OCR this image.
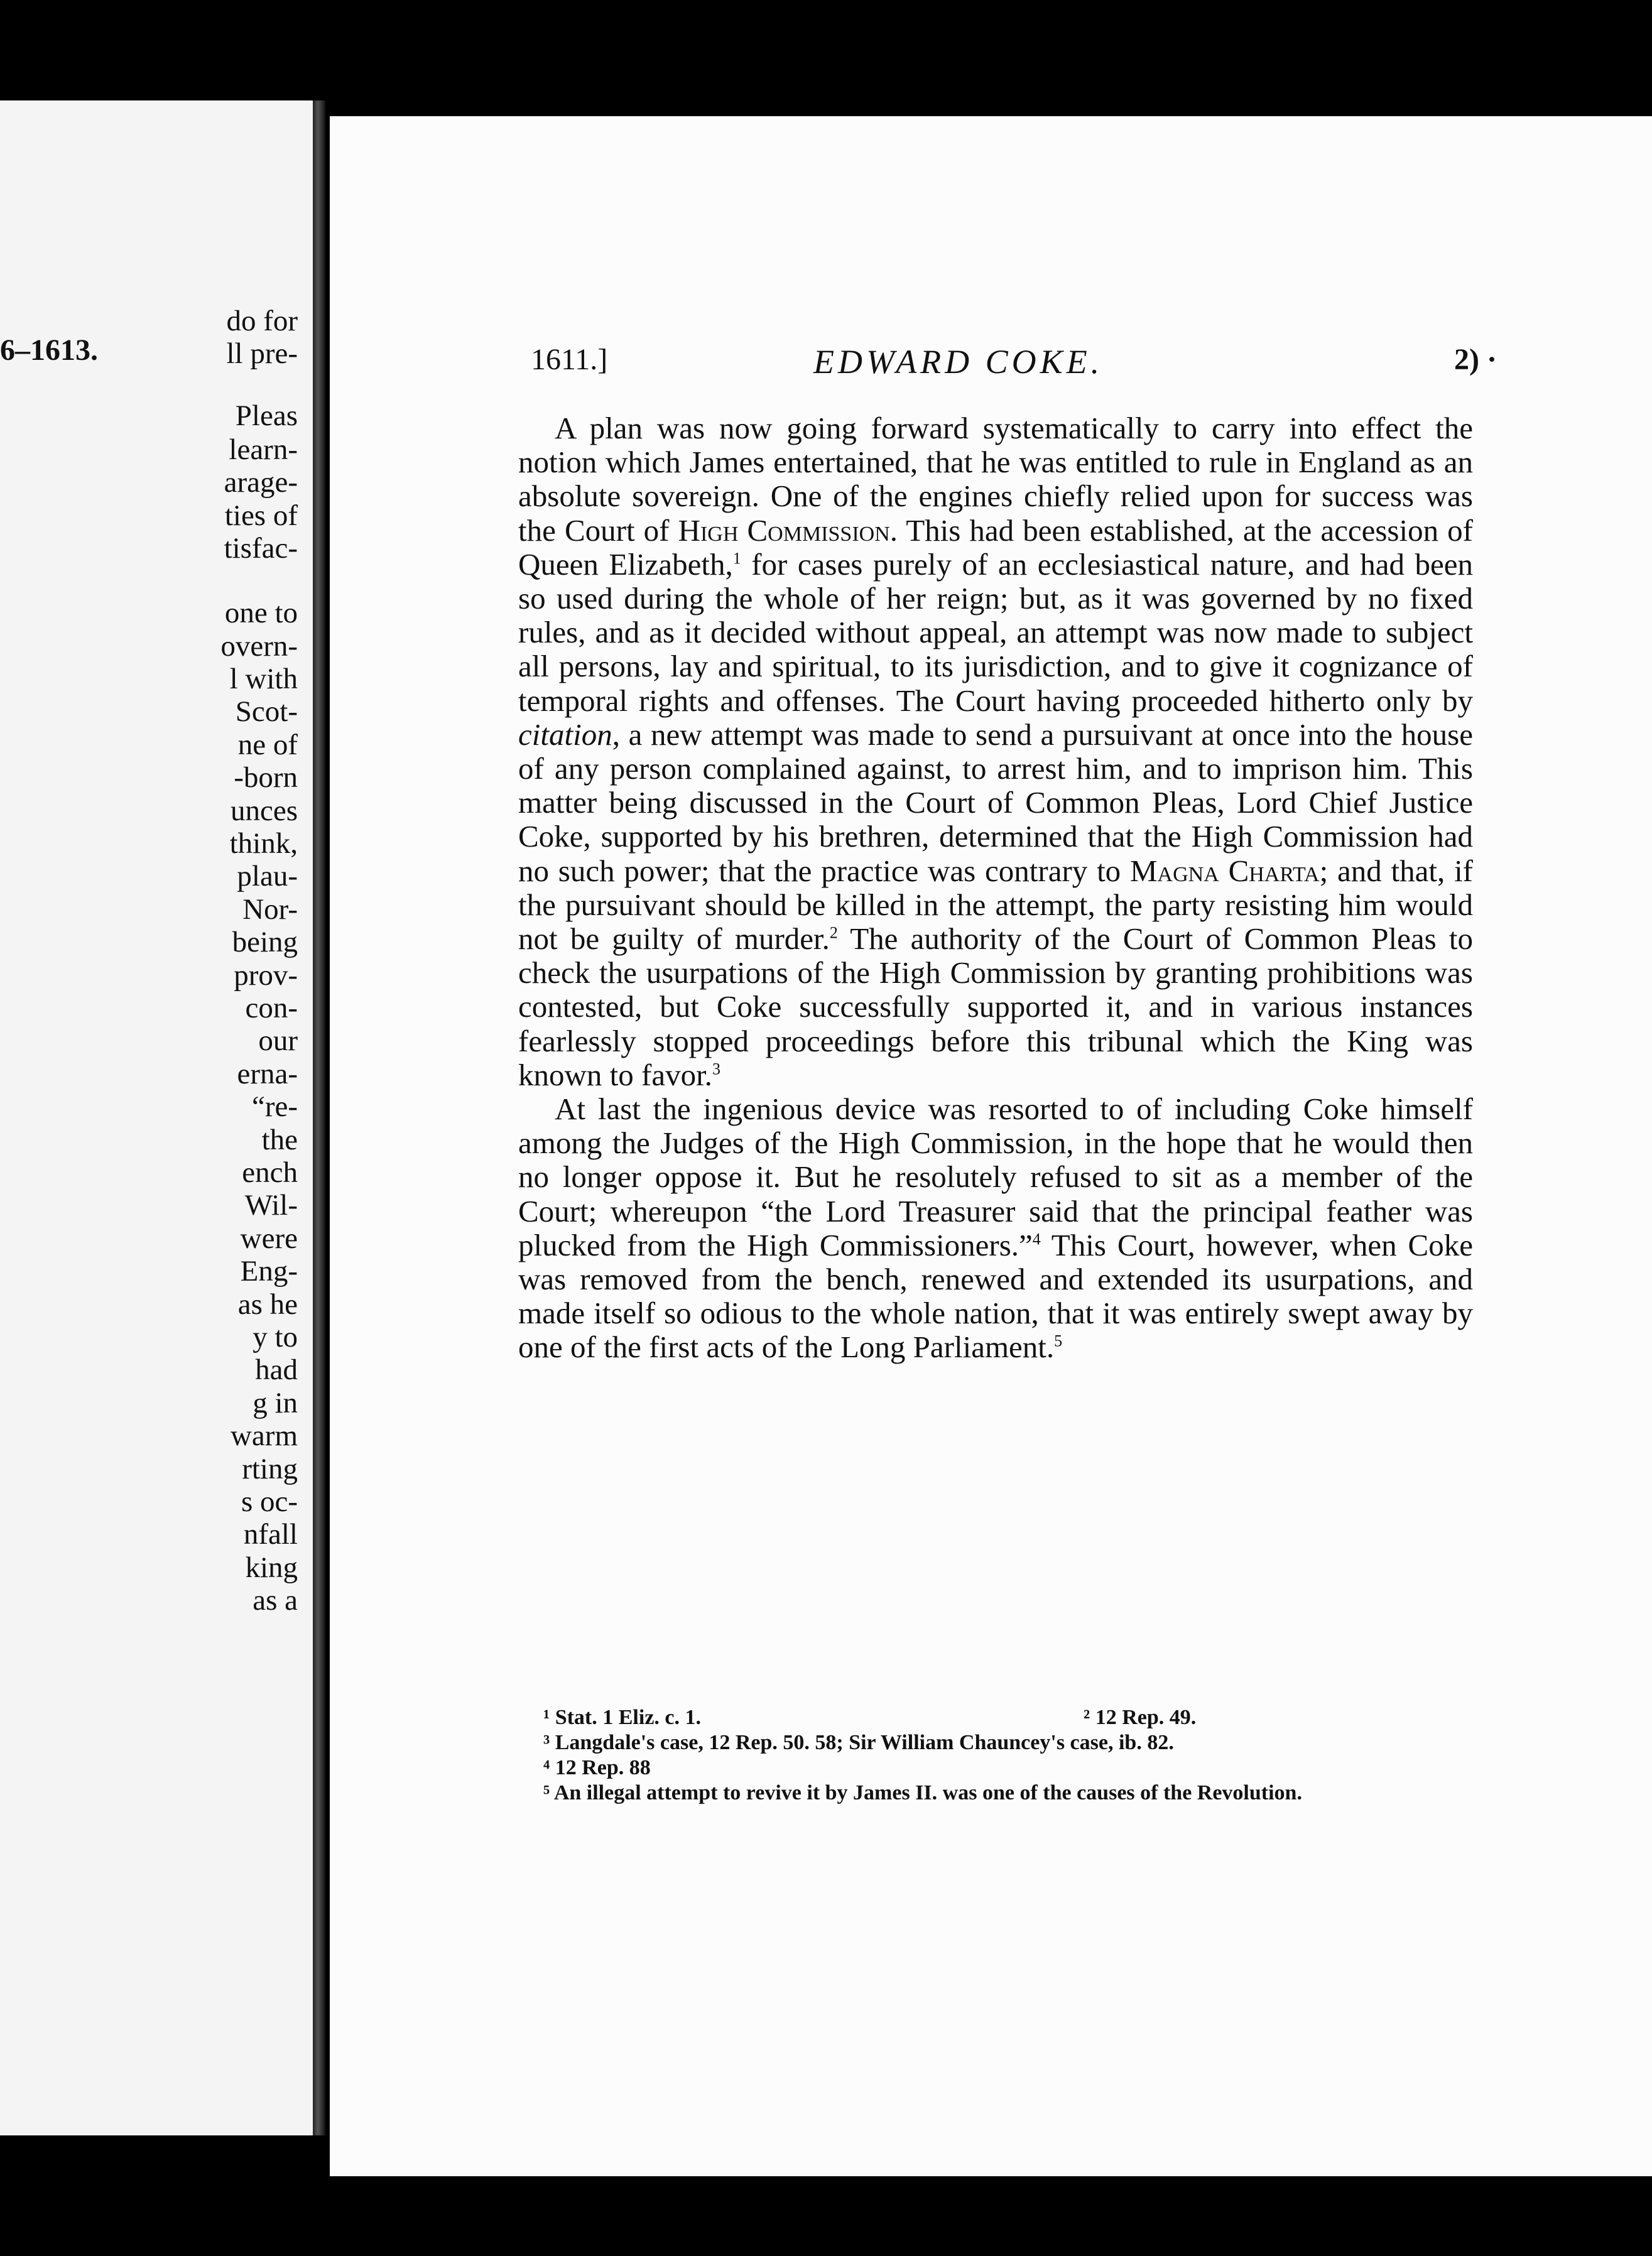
6–1613.
do for
ll pre-
Pleas
learn-
arage-
ties of
tisfac-
one to
overn-
l with
Scot-
ne of
-born
unces
think,
plau-
Nor-
being
prov-
con-
our
erna-
“re-
the
ench
Wil-
were
Eng-
as he
y to
had
g in
warm
rting
s oc-
nfall
king
as a
1611.]	EDWARD COKE.	2) ·

A plan was now going forward systematically to carry into effect the notion which James entertained, that he was entitled to rule in England as an absolute sovereign. One of the engines chiefly relied upon for success was the Court of High Commission. This had been established, at the accession of Queen Elizabeth,$^1$ for cases purely of an ecclesiastical nature, and had been so used during the whole of her reign; but, as it was governed by no fixed rules, and as it decided without appeal, an attempt was now made to subject all persons, lay and spiritual, to its jurisdiction, and to give it cognizance of temporal rights and offenses. The Court having proceeded hitherto only by citation, a new attempt was made to send a pursuivant at once into the house of any person complained against, to arrest him, and to imprison him. This matter being discussed in the Court of Common Pleas, Lord Chief Justice Coke, supported by his brethren, determined that the High Commission had no such power; that the practice was contrary to Magna Charta; and that, if the pursuivant should be killed in the attempt, the party resisting him would not be guilty of murder.$^2$ The authority of the Court of Common Pleas to check the usurpations of the High Commission by granting prohibitions was contested, but Coke successfully supported it, and in various instances fearlessly stopped proceedings before this tribunal which the King was known to favor.$^3$

At last the ingenious device was resorted to of including Coke himself among the Judges of the High Commission, in the hope that he would then no longer oppose it. But he resolutely refused to sit as a member of the Court; whereupon “the Lord Treasurer said that the principal feather was plucked from the High Commissioners.”$^4$ This Court, however, when Coke was removed from the bench, renewed and extended its usurpations, and made itself so odious to the whole nation, that it was entirely swept away by one of the first acts of the Long Parliament.$^5$

¹ Stat. 1 Eliz. c. 1.	² 12 Rep. 49.

³ Langdale's case, 12 Rep. 50. 58; Sir William Chauncey's case, ib. 82.

⁴ 12 Rep. 88

⁵ An illegal attempt to revive it by James II. was one of the causes of the Revolution.
